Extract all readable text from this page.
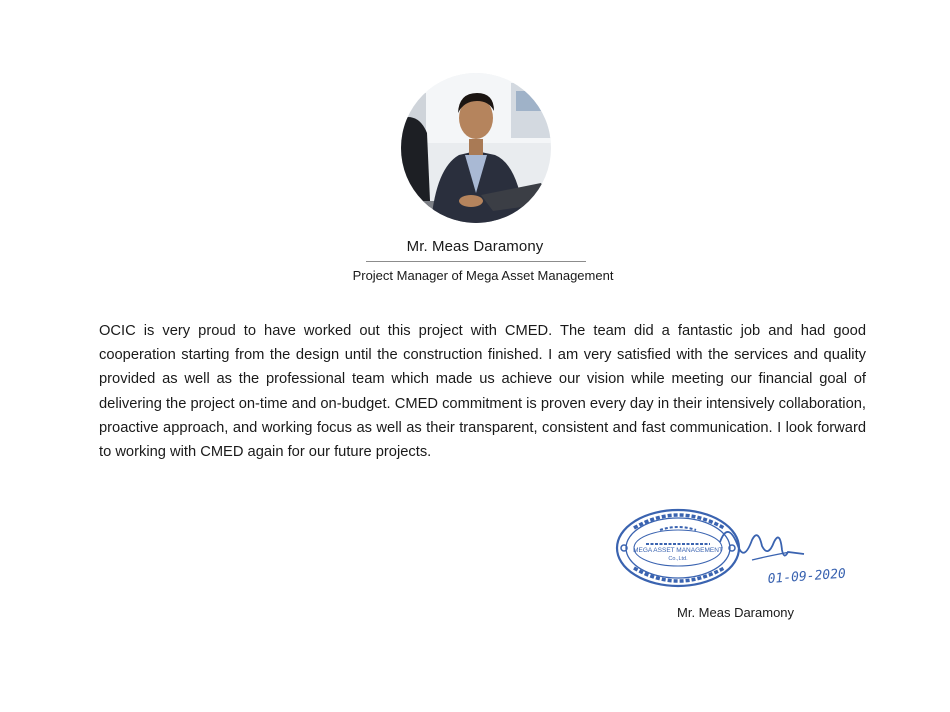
Mr. Meas Daramony
Project Manager of Mega Asset Management

OCIC is very proud to have worked out this project with CMED. The team did a fantastic job and had good cooperation starting from the design until the construction finished. I am very satisfied with the services and quality provided as well as the professional team which made us achieve our vision while meeting our financial goal of delivering the project on-time and on-budget. CMED commitment is proven every day in their intensively collaboration, proactive approach, and working focus as well as their transparent, consistent and fast communication. I look forward to working with CMED again for our future projects.

MEGA ASSET MANAGEMENT
Co.,Ltd.
01-09-2020
Mr. Meas Daramony
